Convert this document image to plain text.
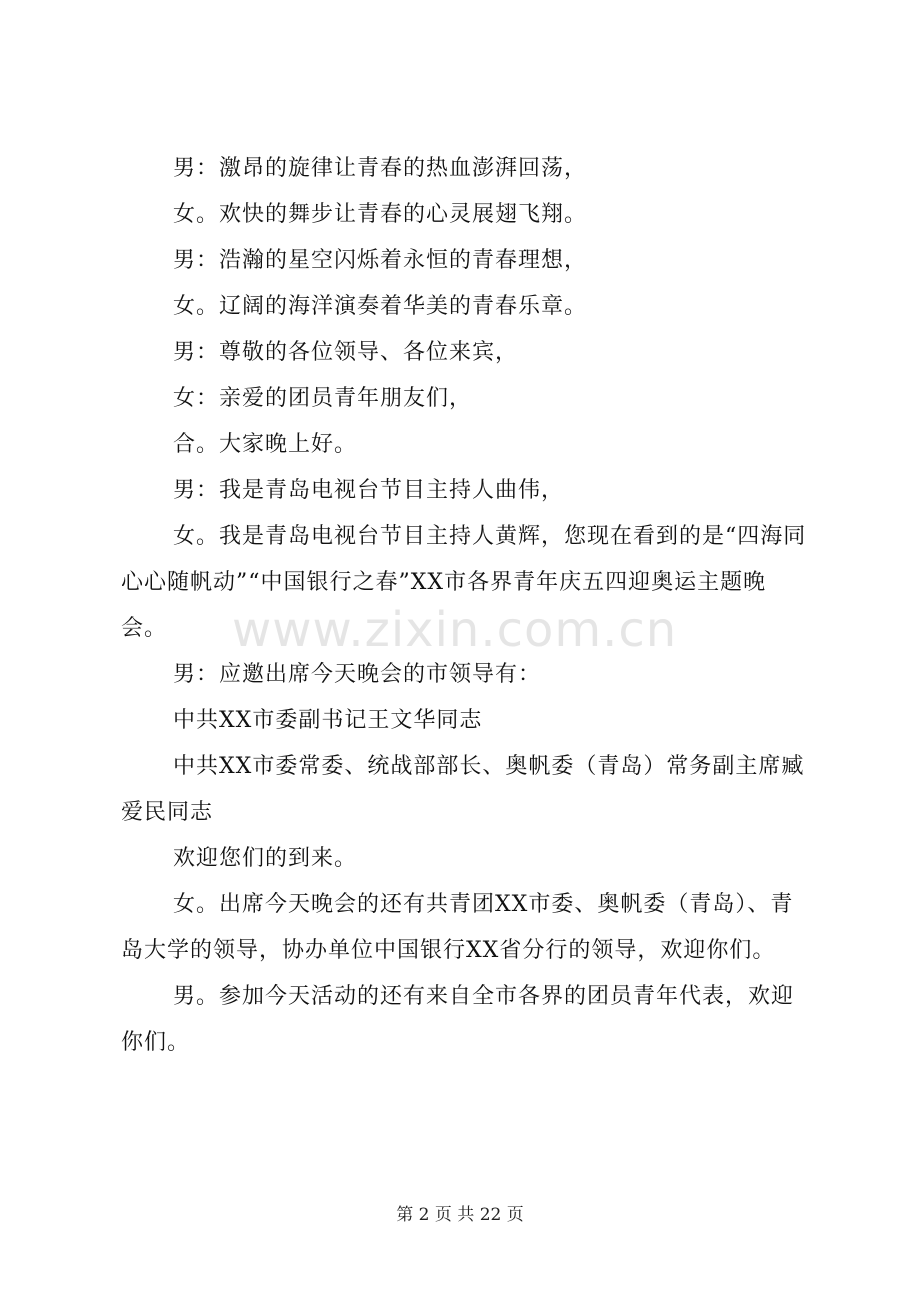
男：激昂的旋律让青春的热血澎湃回荡，

女。欢快的舞步让青春的心灵展翅飞翔。

男：浩瀚的星空闪烁着永恒的青春理想，

女。辽阔的海洋演奏着华美的青春乐章。

男：尊敬的各位领导、各位来宾，

女：亲爱的团员青年朋友们，

合。大家晚上好。

男：我是青岛电视台节目主持人曲伟，

女。我是青岛电视台节目主持人黄辉，您现在看到的是“四海同心心随帆动”“中国银行之春”XX市各界青年庆五四迎奥运主题晚会。

男：应邀出席今天晚会的市领导有：

中共XX市委副书记王文华同志

中共XX市委常委、统战部部长、奥帆委（青岛）常务副主席臧爱民同志

欢迎您们的到来。

女。出席今天晚会的还有共青团XX市委、奥帆委（青岛）、青岛大学的领导，协办单位中国银行XX省分行的领导，欢迎你们。

男。参加今天活动的还有来自全市各界的团员青年代表，欢迎你们。

www.zixin.com.cn
第 2 页 共 22 页
